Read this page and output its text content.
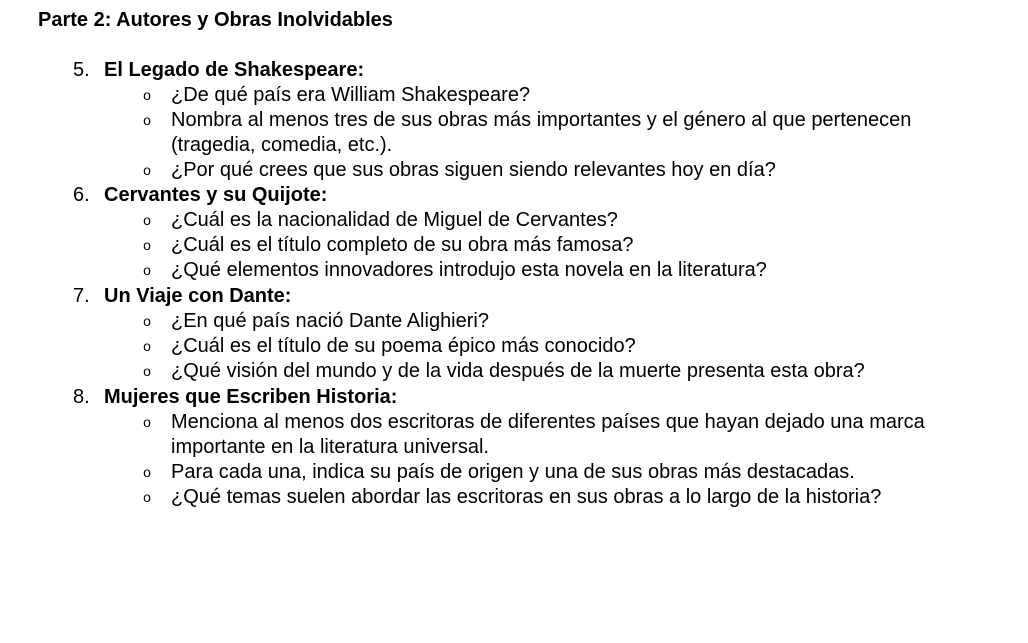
Parte 2: Autores y Obras Inolvidables
5. El Legado de Shakespeare:
o ¿De qué país era William Shakespeare?
o Nombra al menos tres de sus obras más importantes y el género al que pertenecen (tragedia, comedia, etc.).
o ¿Por qué crees que sus obras siguen siendo relevantes hoy en día?
6. Cervantes y su Quijote:
o ¿Cuál es la nacionalidad de Miguel de Cervantes?
o ¿Cuál es el título completo de su obra más famosa?
o ¿Qué elementos innovadores introdujo esta novela en la literatura?
7. Un Viaje con Dante:
o ¿En qué país nació Dante Alighieri?
o ¿Cuál es el título de su poema épico más conocido?
o ¿Qué visión del mundo y de la vida después de la muerte presenta esta obra?
8. Mujeres que Escriben Historia:
o Menciona al menos dos escritoras de diferentes países que hayan dejado una marca importante en la literatura universal.
o Para cada una, indica su país de origen y una de sus obras más destacadas.
o ¿Qué temas suelen abordar las escritoras en sus obras a lo largo de la historia?
